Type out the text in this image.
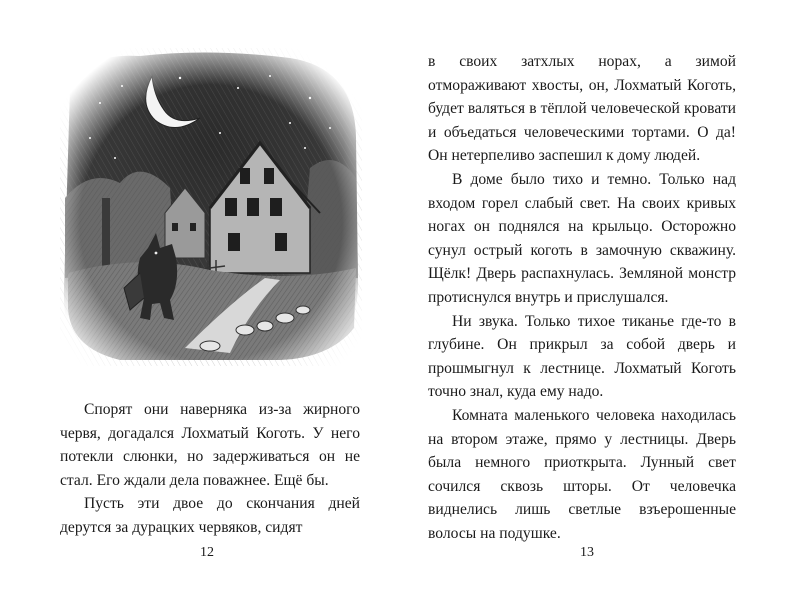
Спорят они наверняка из-за жирного червя, догадался Лохматый Коготь. У него потекли слюнки, но задерживаться он не стал. Его ждали дела поважнее. Ещё бы.

Пусть эти двое до скончания дней дерутся за дурацких червяков, сидят

12

в своих затхлых норах, а зимой отмораживают хвосты, он, Лохматый Коготь, будет валяться в тёплой человеческой кровати и объедаться человеческими тортами. О да! Он нетерпеливо заспешил к дому людей.

В доме было тихо и темно. Только над входом горел слабый свет. На своих кривых ногах он поднялся на крыльцо. Осторожно сунул острый коготь в замочную скважину. Щёлк! Дверь распахнулась. Земляной монстр протиснулся внутрь и прислушался.

Ни звука. Только тихое тиканье где-то в глубине. Он прикрыл за собой дверь и прошмыгнул к лестнице. Лохматый Коготь точно знал, куда ему надо.

Комната маленького человека находилась на втором этаже, прямо у лестницы. Дверь была немного приоткрыта. Лунный свет сочился сквозь шторы. От человечка виднелись лишь светлые взъерошенные волосы на подушке.

13
